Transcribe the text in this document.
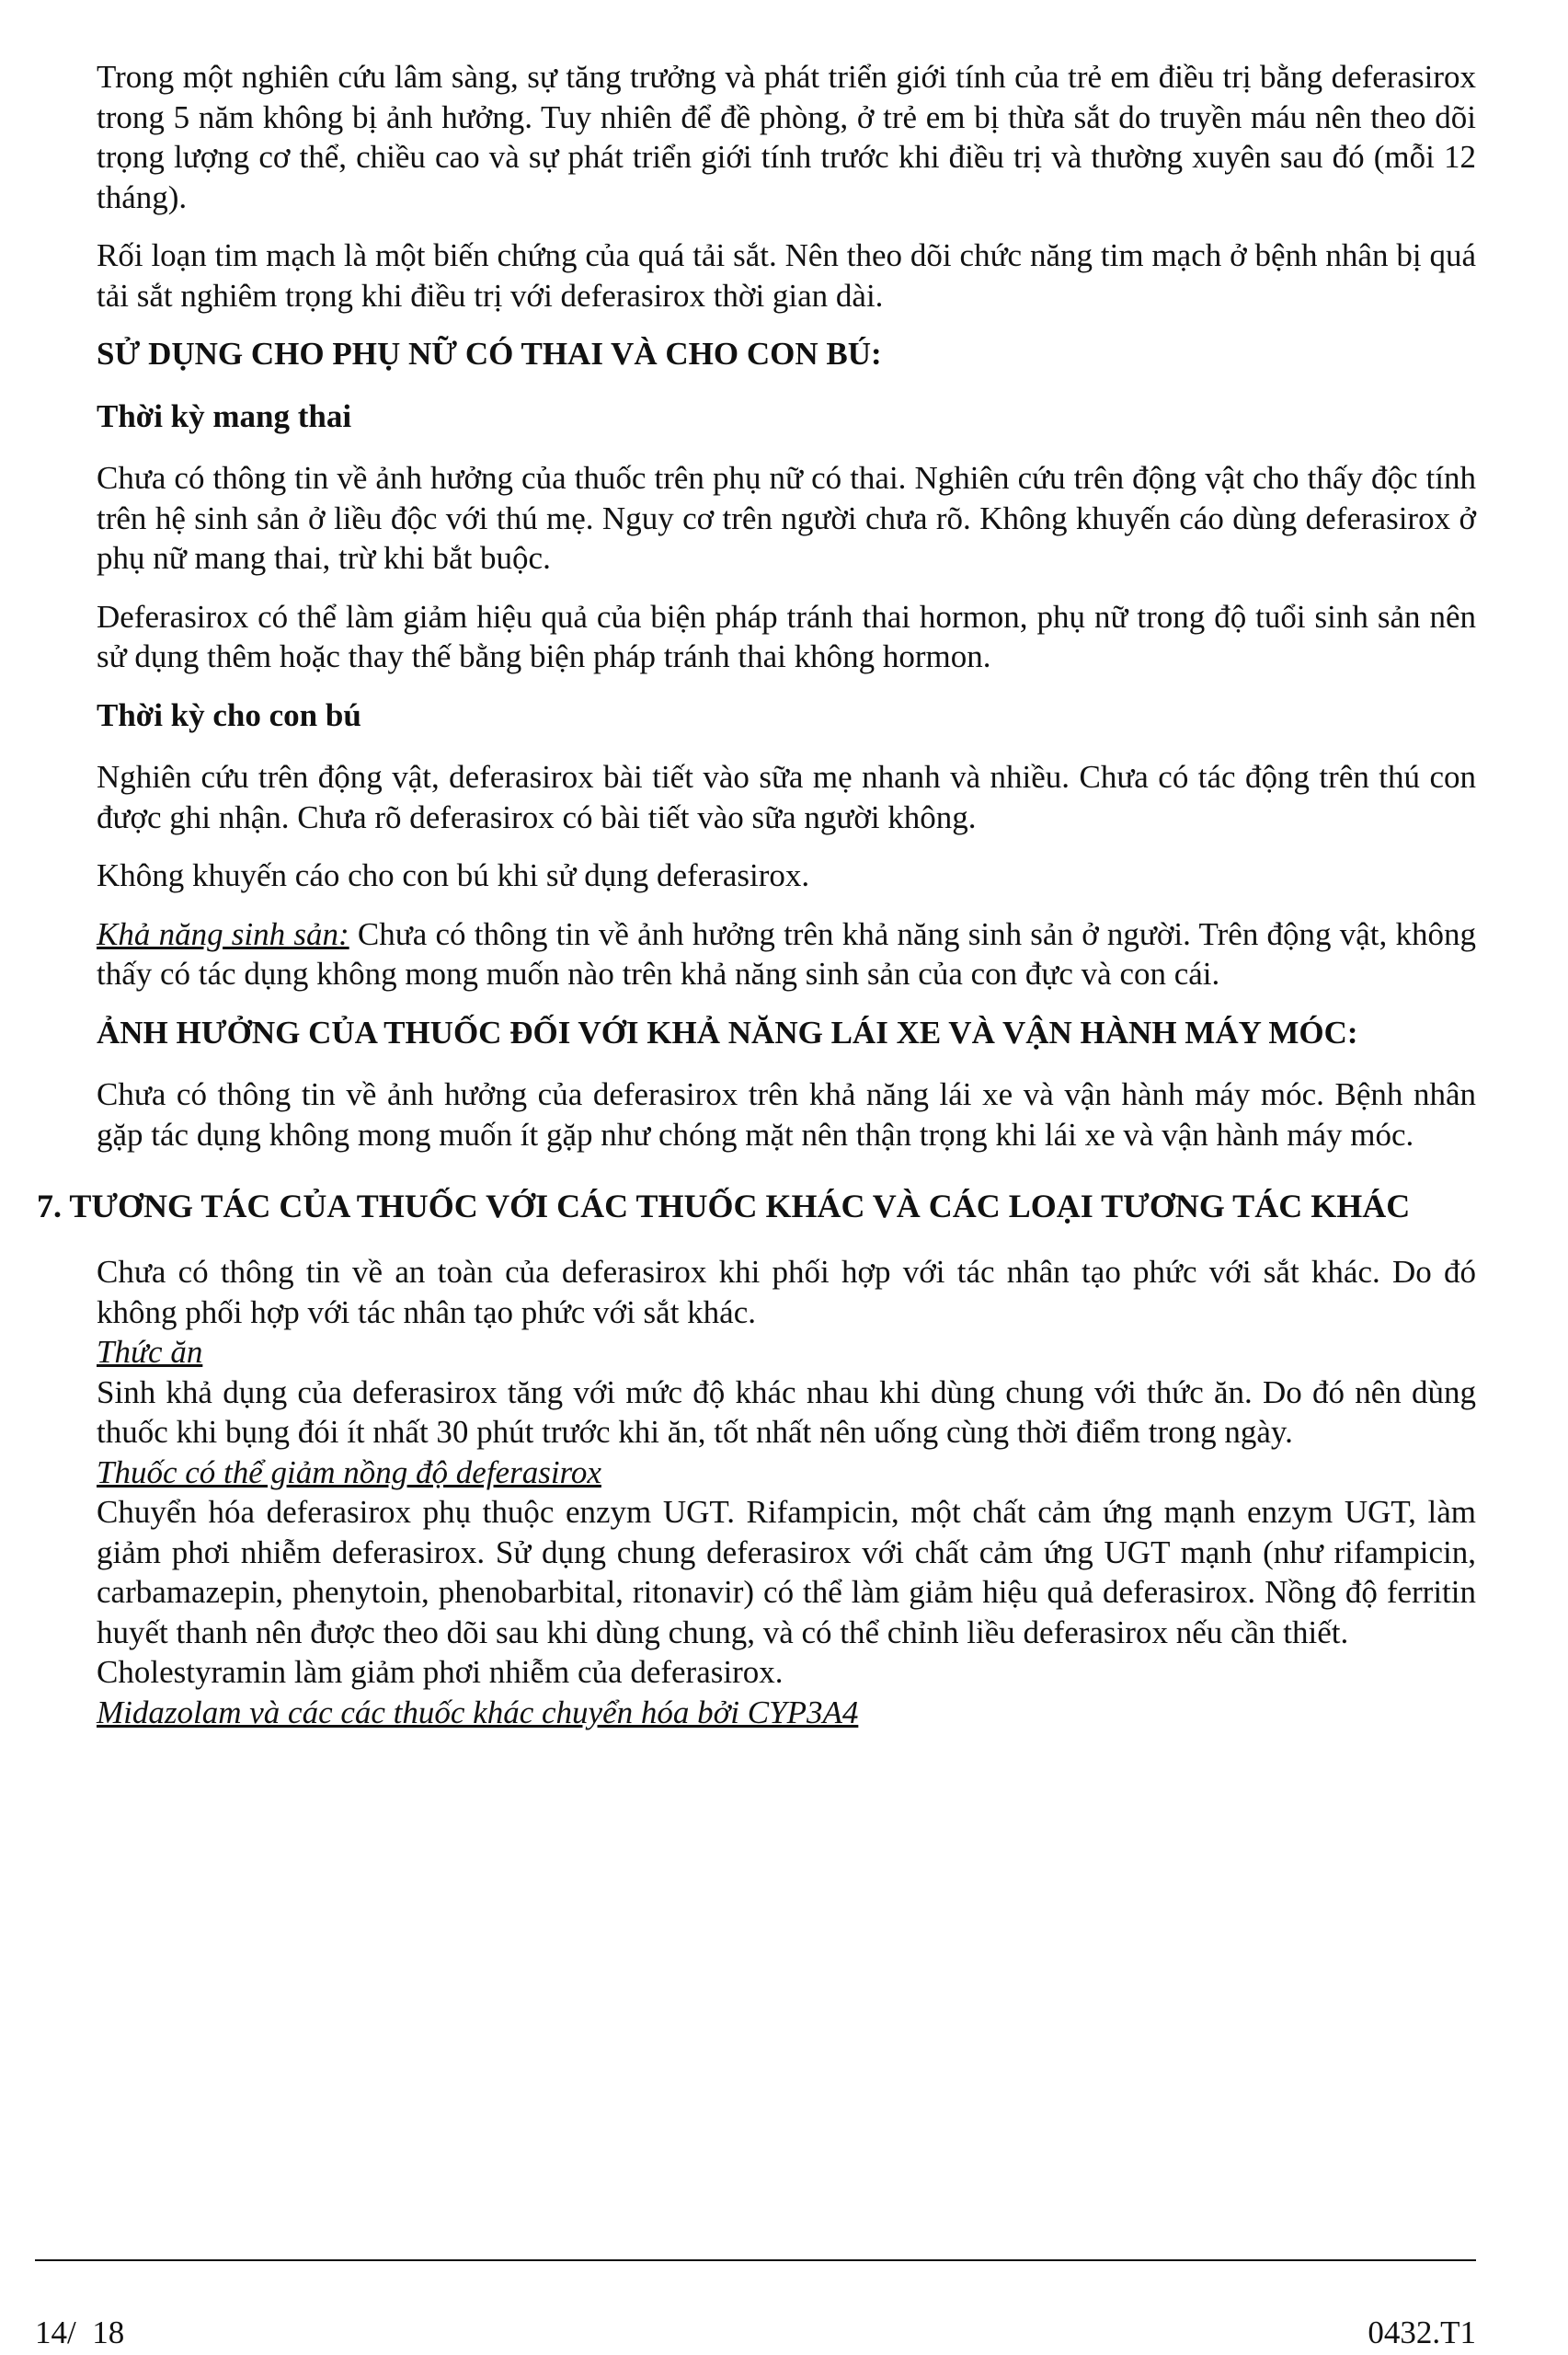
Trong một nghiên cứu lâm sàng, sự tăng trưởng và phát triển giới tính của trẻ em điều trị bằng deferasirox trong 5 năm không bị ảnh hưởng. Tuy nhiên để đề phòng, ở trẻ em bị thừa sắt do truyền máu nên theo dõi trọng lượng cơ thể, chiều cao và sự phát triển giới tính trước khi điều trị và thường xuyên sau đó (mỗi 12 tháng).

Rối loạn tim mạch là một biến chứng của quá tải sắt. Nên theo dõi chức năng tim mạch ở bệnh nhân bị quá tải sắt nghiêm trọng khi điều trị với deferasirox thời gian dài.

SỬ DỤNG CHO PHỤ NỮ CÓ THAI VÀ CHO CON BÚ:
Thời kỳ mang thai

Chưa có thông tin về ảnh hưởng của thuốc trên phụ nữ có thai. Nghiên cứu trên động vật cho thấy độc tính trên hệ sinh sản ở liều độc với thú mẹ. Nguy cơ trên người chưa rõ. Không khuyến cáo dùng deferasirox ở phụ nữ mang thai, trừ khi bắt buộc.

Deferasirox có thể làm giảm hiệu quả của biện pháp tránh thai hormon, phụ nữ trong độ tuổi sinh sản nên sử dụng thêm hoặc thay thế bằng biện pháp tránh thai không hormon.

Thời kỳ cho con bú

Nghiên cứu trên động vật, deferasirox bài tiết vào sữa mẹ nhanh và nhiều. Chưa có tác động trên thú con được ghi nhận. Chưa rõ deferasirox có bài tiết vào sữa người không.

Không khuyến cáo cho con bú khi sử dụng deferasirox.

Khả năng sinh sản: Chưa có thông tin về ảnh hưởng trên khả năng sinh sản ở người. Trên động vật, không thấy có tác dụng không mong muốn nào trên khả năng sinh sản của con đực và con cái.

ẢNH HƯỞNG CỦA THUỐC ĐỐI VỚI KHẢ NĂNG LÁI XE VÀ VẬN HÀNH MÁY MÓC:

Chưa có thông tin về ảnh hưởng của deferasirox trên khả năng lái xe và vận hành máy móc. Bệnh nhân gặp tác dụng không mong muốn ít gặp như chóng mặt nên thận trọng khi lái xe và vận hành máy móc.

7. TƯƠNG TÁC CỦA THUỐC VỚI CÁC THUỐC KHÁC VÀ CÁC LOẠI TƯƠNG TÁC KHÁC

Chưa có thông tin về an toàn của deferasirox khi phối hợp với tác nhân tạo phức với sắt khác. Do đó không phối hợp với tác nhân tạo phức với sắt khác.

Thức ăn

Sinh khả dụng của deferasirox tăng với mức độ khác nhau khi dùng chung với thức ăn. Do đó nên dùng thuốc khi bụng đói ít nhất 30 phút trước khi ăn, tốt nhất nên uống cùng thời điểm trong ngày.

Thuốc có thể giảm nồng độ deferasirox

Chuyển hóa deferasirox phụ thuộc enzym UGT. Rifampicin, một chất cảm ứng mạnh enzym UGT, làm giảm phơi nhiễm deferasirox. Sử dụng chung deferasirox với chất cảm ứng UGT mạnh (như rifampicin, carbamazepin, phenytoin, phenobarbital, ritonavir) có thể làm giảm hiệu quả deferasirox. Nồng độ ferritin huyết thanh nên được theo dõi sau khi dùng chung, và có thể chỉnh liều deferasirox nếu cần thiết.

Cholestyramin làm giảm phơi nhiễm của deferasirox.

Midazolam và các các thuốc khác chuyển hóa bởi CYP3A4

14/  18	0432.T1
